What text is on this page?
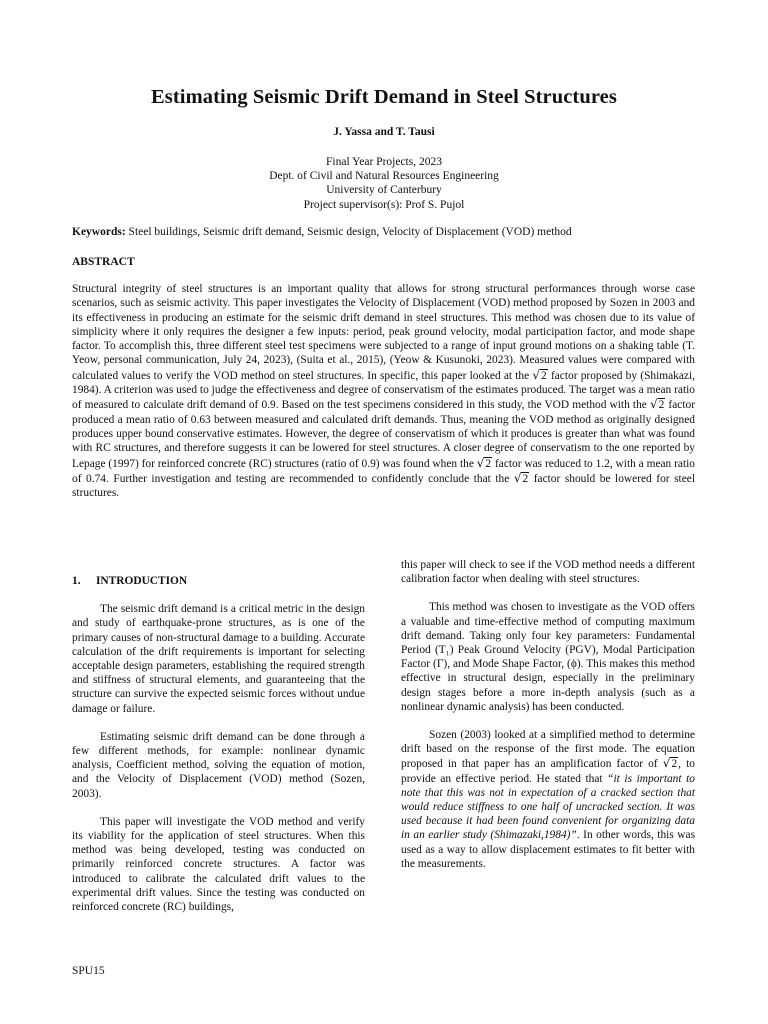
Estimating Seismic Drift Demand in Steel Structures
J. Yassa and T. Tausi
Final Year Projects, 2023
Dept. of Civil and Natural Resources Engineering
University of Canterbury
Project supervisor(s): Prof S. Pujol
Keywords: Steel buildings, Seismic drift demand, Seismic design, Velocity of Displacement (VOD) method
ABSTRACT

Structural integrity of steel structures is an important quality that allows for strong structural performances through worse case scenarios, such as seismic activity. This paper investigates the Velocity of Displacement (VOD) method proposed by Sozen in 2003 and its effectiveness in producing an estimate for the seismic drift demand in steel structures. This method was chosen due to its value of simplicity where it only requires the designer a few inputs: period, peak ground velocity, modal participation factor, and mode shape factor. To accomplish this, three different steel test specimens were subjected to a range of input ground motions on a shaking table (T. Yeow, personal communication, July 24, 2023), (Suita et al., 2015), (Yeow & Kusunoki, 2023). Measured values were compared with calculated values to verify the VOD method on steel structures. In specific, this paper looked at the √2 factor proposed by (Shimakazi, 1984). A criterion was used to judge the effectiveness and degree of conservatism of the estimates produced. The target was a mean ratio of measured to calculate drift demand of 0.9. Based on the test specimens considered in this study, the VOD method with the √2 factor produced a mean ratio of 0.63 between measured and calculated drift demands. Thus, meaning the VOD method as originally designed produces upper bound conservative estimates. However, the degree of conservatism of which it produces is greater than what was found with RC structures, and therefore suggests it can be lowered for steel structures. A closer degree of conservatism to the one reported by Lepage (1997) for reinforced concrete (RC) structures (ratio of 0.9) was found when the √2 factor was reduced to 1.2, with a mean ratio of 0.74. Further investigation and testing are recommended to confidently conclude that the √2 factor should be lowered for steel structures.

1. INTRODUCTION

The seismic drift demand is a critical metric in the design and study of earthquake-prone structures, as is one of the primary causes of non-structural damage to a building. Accurate calculation of the drift requirements is important for selecting acceptable design parameters, establishing the required strength and stiffness of structural elements, and guaranteeing that the structure can survive the expected seismic forces without undue damage or failure.

Estimating seismic drift demand can be done through a few different methods, for example: nonlinear dynamic analysis, Coefficient method, solving the equation of motion, and the Velocity of Displacement (VOD) method (Sozen, 2003).

This paper will investigate the VOD method and verify its viability for the application of steel structures. When this method was being developed, testing was conducted on primarily reinforced concrete structures. A factor was introduced to calibrate the calculated drift values to the experimental drift values. Since the testing was conducted on reinforced concrete (RC) buildings,

this paper will check to see if the VOD method needs a different calibration factor when dealing with steel structures.

This method was chosen to investigate as the VOD offers a valuable and time-effective method of computing maximum drift demand. Taking only four key parameters: Fundamental Period (T₁) Peak Ground Velocity (PGV), Modal Participation Factor (Γ), and Mode Shape Factor, (ϕ). This makes this method effective in structural design, especially in the preliminary design stages before a more in-depth analysis (such as a nonlinear dynamic analysis) has been conducted.

Sozen (2003) looked at a simplified method to determine drift based on the response of the first mode. The equation proposed in that paper has an amplification factor of √2, to provide an effective period. He stated that “it is important to note that this was not in expectation of a cracked section that would reduce stiffness to one half of uncracked section. It was used because it had been found convenient for organizing data in an earlier study (Shimazaki,1984)”. In other words, this was used as a way to allow displacement estimates to fit better with the measurements.

SPU15
